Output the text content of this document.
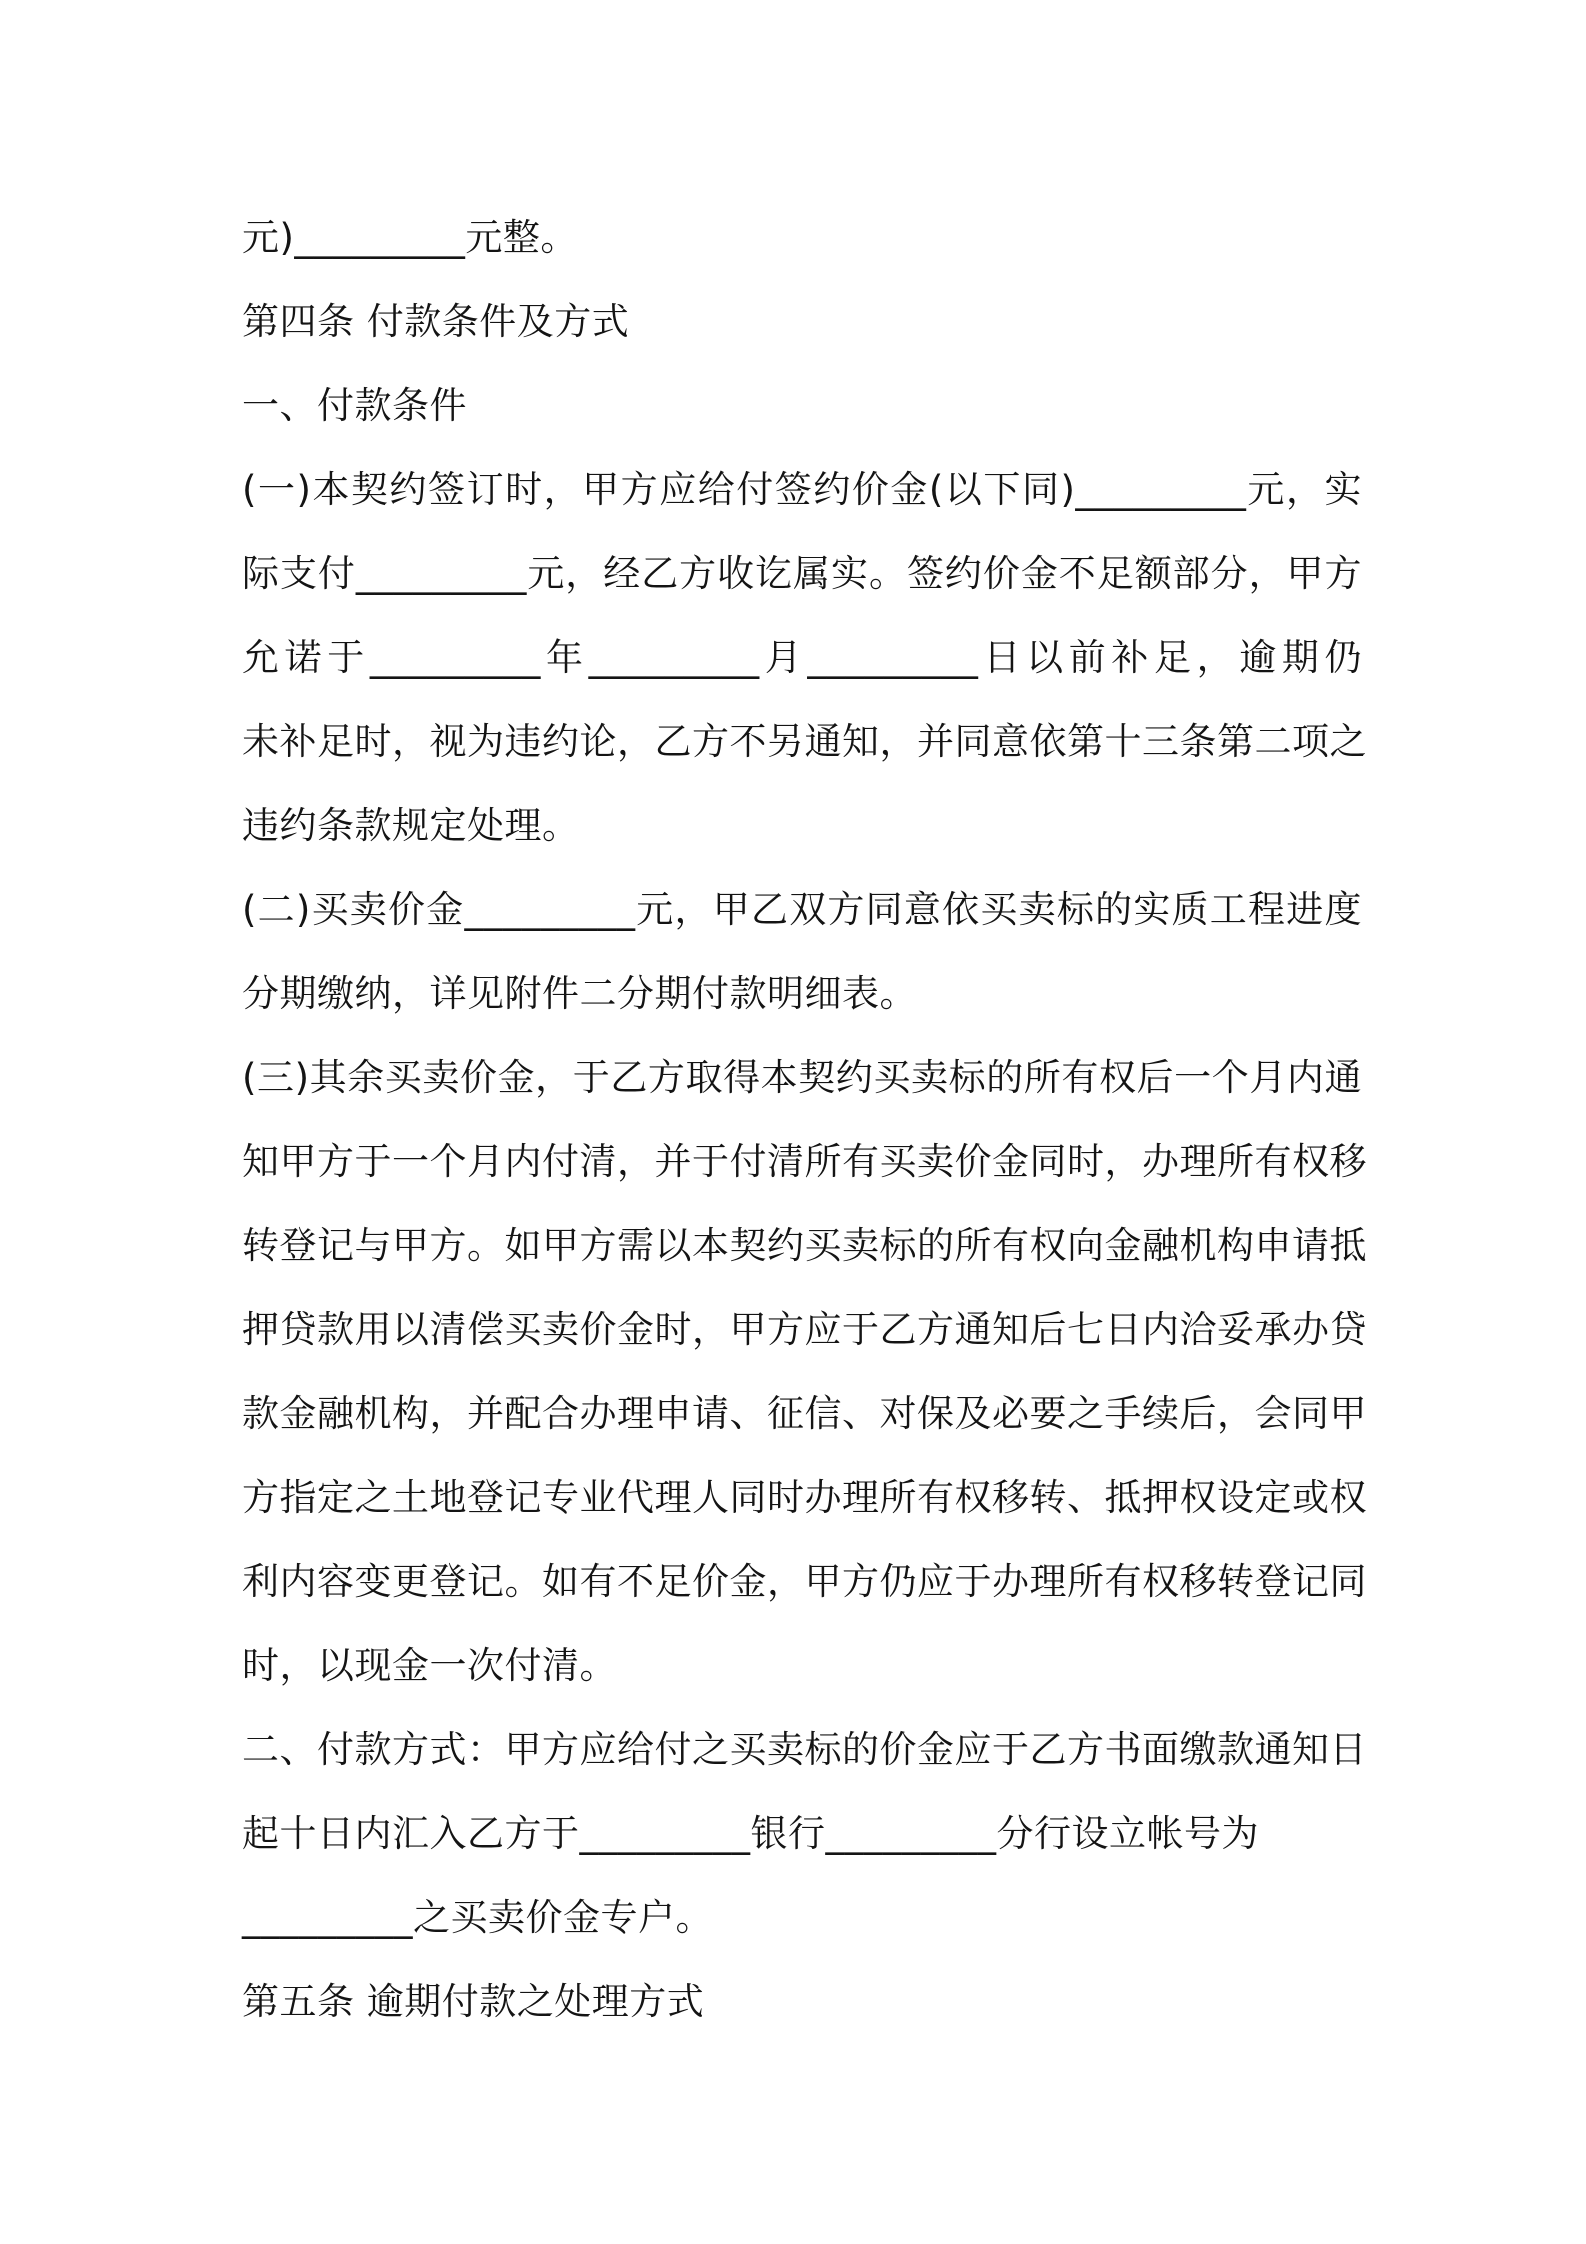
元)_________元整。
第四条 付款条件及方式
一、付款条件
(一)本契约签订时，甲方应给付签约价金(以下同)_________元，实
际支付_________元，经乙方收讫属实。签约价金不足额部分，甲方
允诺于_________年_________月_________日以前补足，逾期仍
未补足时，视为违约论，乙方不另通知，并同意依第十三条第二项之
违约条款规定处理。
(二)买卖价金_________元，甲乙双方同意依买卖标的实质工程进度
分期缴纳，详见附件二分期付款明细表。
(三)其余买卖价金，于乙方取得本契约买卖标的所有权后一个月内通
知甲方于一个月内付清，并于付清所有买卖价金同时，办理所有权移
转登记与甲方。如甲方需以本契约买卖标的所有权向金融机构申请抵
押贷款用以清偿买卖价金时，甲方应于乙方通知后七日内洽妥承办贷
款金融机构，并配合办理申请、征信、对保及必要之手续后，会同甲
方指定之土地登记专业代理人同时办理所有权移转、抵押权设定或权
利内容变更登记。如有不足价金，甲方仍应于办理所有权移转登记同
时，以现金一次付清。
二、付款方式：甲方应给付之买卖标的价金应于乙方书面缴款通知日
起十日内汇入乙方于_________银行_________分行设立帐号为
_________之买卖价金专户。
第五条 逾期付款之处理方式
